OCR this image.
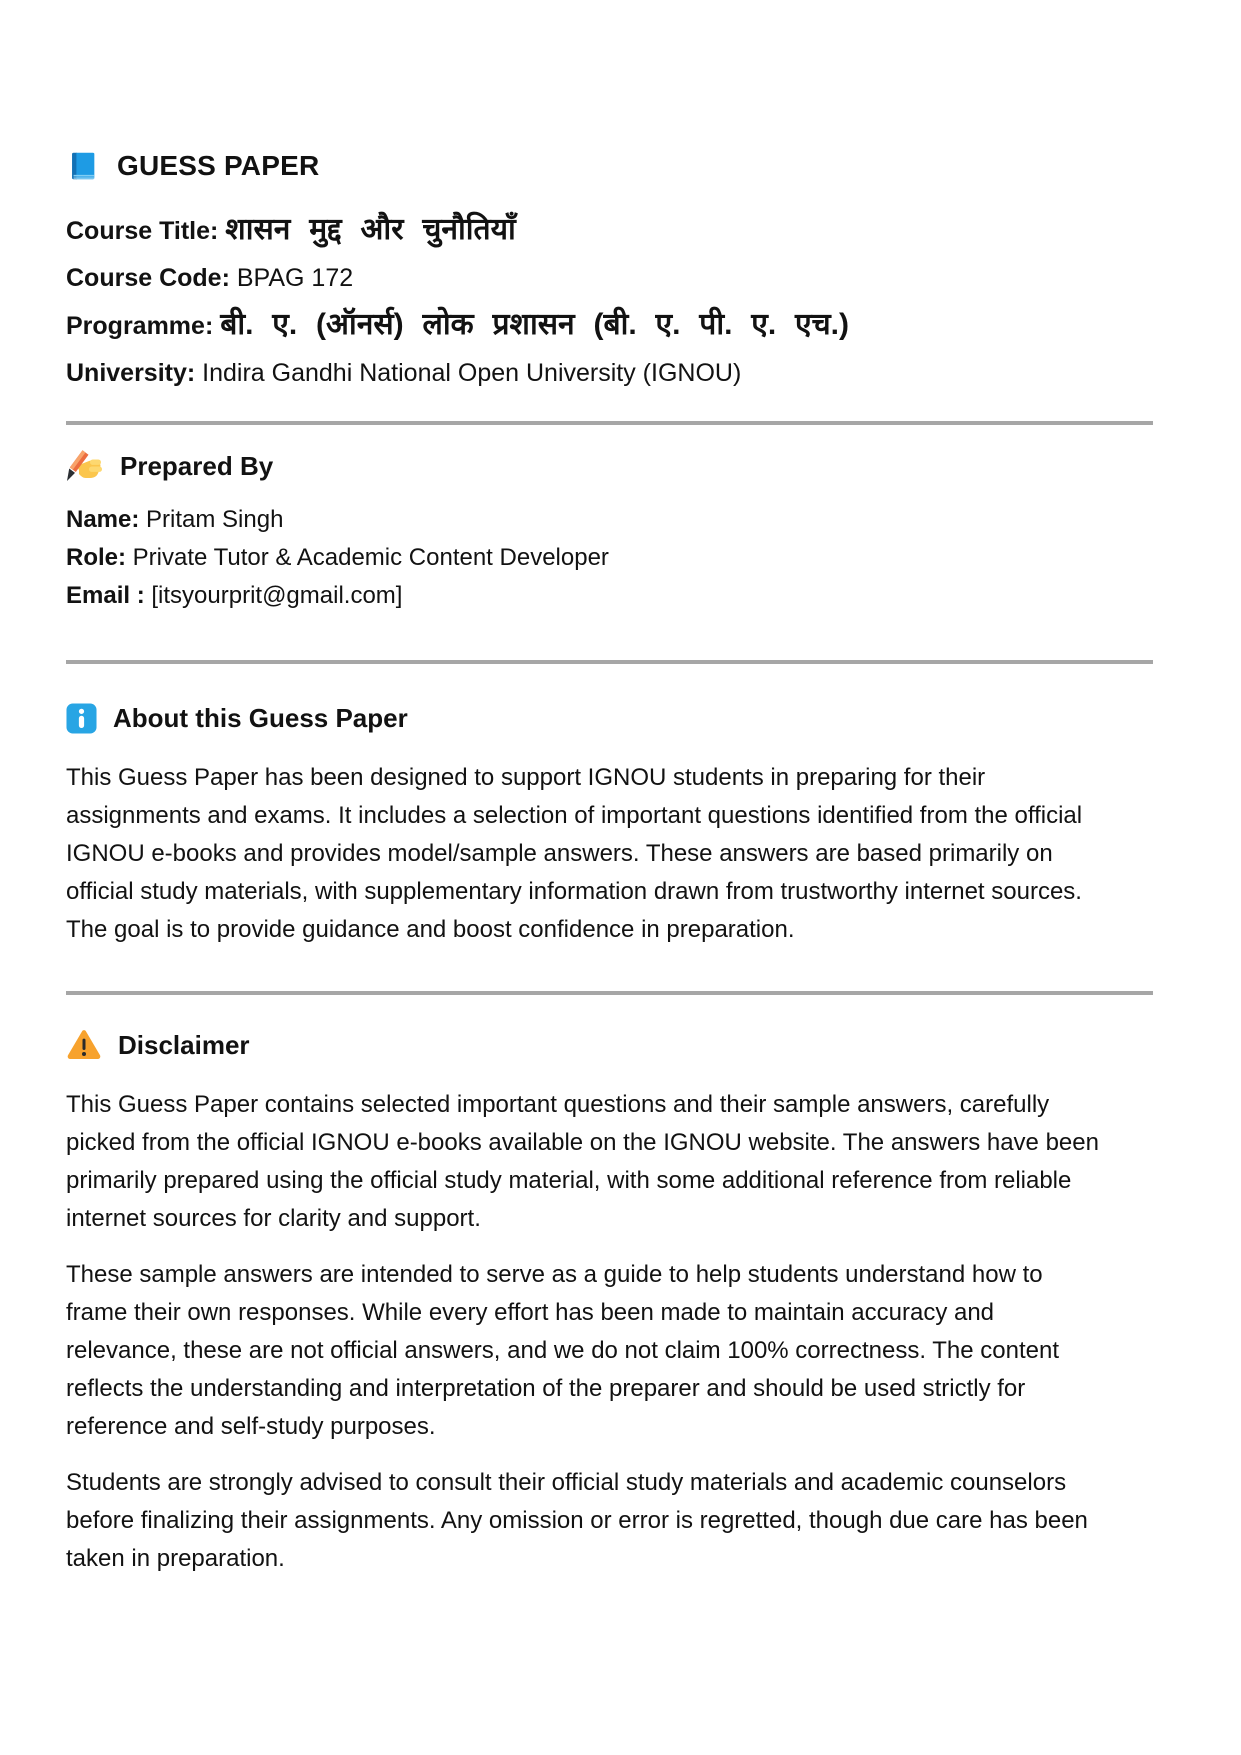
GUESS PAPER
Course Title: शासन मुद्द और चुनौतियाँ
Course Code: BPAG 172
Programme: बी. ए. (ऑनर्स) लोक प्रशासन (बी. ए. पी. ए. एच.)
University: Indira Gandhi National Open University (IGNOU)
Prepared By
Name: Pritam Singh
Role: Private Tutor & Academic Content Developer
Email : [itsyourprit@gmail.com]
About this Guess Paper

This Guess Paper has been designed to support IGNOU students in preparing for their assignments and exams. It includes a selection of important questions identified from the official IGNOU e-books and provides model/sample answers. These answers are based primarily on official study materials, with supplementary information drawn from trustworthy internet sources. The goal is to provide guidance and boost confidence in preparation.

Disclaimer

This Guess Paper contains selected important questions and their sample answers, carefully picked from the official IGNOU e-books available on the IGNOU website. The answers have been primarily prepared using the official study material, with some additional reference from reliable internet sources for clarity and support.

These sample answers are intended to serve as a guide to help students understand how to frame their own responses. While every effort has been made to maintain accuracy and relevance, these are not official answers, and we do not claim 100% correctness. The content reflects the understanding and interpretation of the preparer and should be used strictly for reference and self-study purposes.

Students are strongly advised to consult their official study materials and academic counselors before finalizing their assignments. Any omission or error is regretted, though due care has been taken in preparation.
